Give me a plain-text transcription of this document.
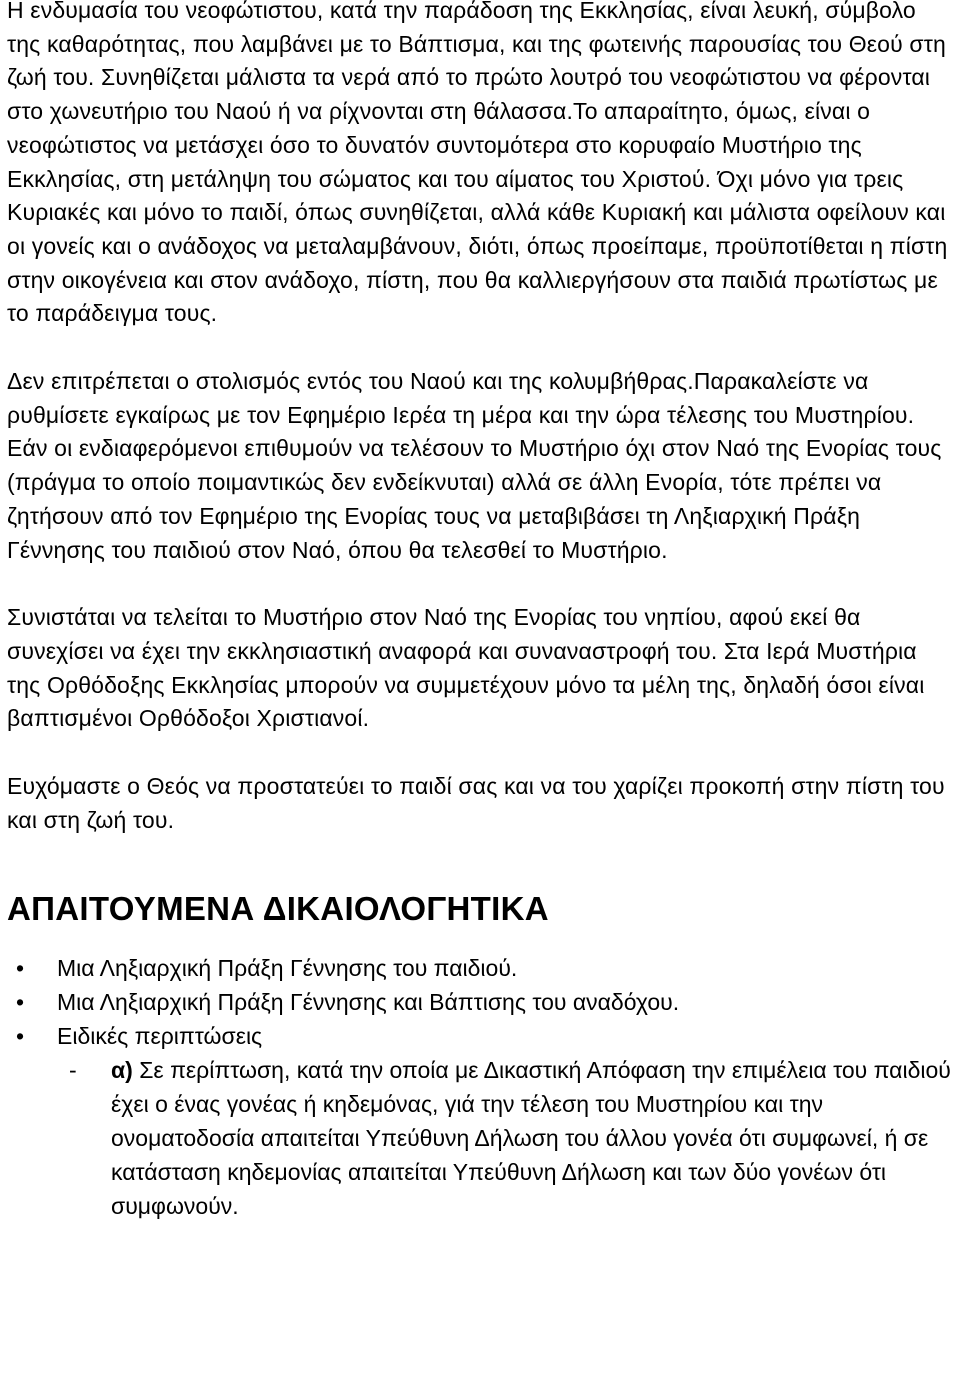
Η ενδυμασία του νεοφώτιστου, κατά την παράδοση της Εκκλησίας, είναι λευκή, σύμβολο της καθαρότητας, που λαμβάνει με το Βάπτισμα, και της φωτεινής παρουσίας του Θεού στη ζωή του. Συνηθίζεται μάλιστα τα νερά από το πρώτο λουτρό του νεοφώτιστου να φέρονται στο χωνευτήριο του Ναού ή να ρίχνονται στη θάλασσα.Το απαραίτητο, όμως, είναι ο νεοφώτιστος να μετάσχει όσο το δυνατόν συντομότερα στο κορυφαίο Μυστήριο της Εκκλησίας, στη μετάληψη του σώματος και του αίματος του Χριστού. Όχι μόνο για τρεις Κυριακές και μόνο το παιδί, όπως συνηθίζεται, αλλά κάθε Κυριακή και μάλιστα οφείλουν και οι γονείς και ο ανάδοχος να μεταλαμβάνουν, διότι, όπως προείπαμε, προϋποτίθεται η πίστη στην οικογένεια και στον ανάδοχο, πίστη, που θα καλλιεργήσουν στα παιδιά πρωτίστως με το παράδειγμα τους.

Δεν επιτρέπεται ο στολισμός εντός του Ναού και της κολυμβήθρας.Παρακαλείστε να ρυθμίσετε εγκαίρως με τον Εφημέριο Ιερέα τη μέρα και την ώρα τέλεσης του Μυστηρίου. Εάν οι ενδιαφερόμενοι επιθυμούν να τελέσουν το Μυστήριο όχι στον Ναό της Ενορίας τους (πράγμα το οποίο ποιμαντικώς δεν ενδείκνυται) αλλά σε άλλη Ενορία, τότε πρέπει να ζητήσουν από τον Εφημέριο της Ενορίας τους να μεταβιβάσει τη Ληξιαρχική Πράξη Γέννησης του παιδιού στον Ναό, όπου θα τελεσθεί το Μυστήριο.

Συνιστάται να τελείται το Μυστήριο στον Ναό της Ενορίας του νηπίου, αφού εκεί θα συνεχίσει να έχει την εκκλησιαστική αναφορά και συναναστροφή του. Στα Ιερά Μυστήρια της Ορθόδοξης Εκκλησίας μπορούν να συμμετέχουν μόνο τα μέλη της, δηλαδή όσοι είναι βαπτισμένοι Ορθόδοξοι Χριστιανοί.

Ευχόμαστε ο Θεός να προστατεύει το παιδί σας και να του χαρίζει προκοπή στην πίστη του και στη ζωή του.

ΑΠΑΙΤΟΥΜΕΝΑ ΔΙΚΑΙΟΛΟΓΗΤΙΚΑ
• Μια Ληξιαρχική Πράξη Γέννησης του παιδιού.
• Μια Ληξιαρχική Πράξη Γέννησης και Βάπτισης του αναδόχου.
• Ειδικές περιπτώσεις
- α) Σε περίπτωση, κατά την οποία με Δικαστική Απόφαση την επιμέλεια του παιδιού έχει ο ένας γονέας ή κηδεμόνας, γιά την τέλεση του Μυστηρίου και την ονοματοδοσία απαιτείται Υπεύθυνη Δήλωση του άλλου γονέα ότι συμφωνεί, ή σε κατάσταση κηδεμονίας απαιτείται Υπεύθυνη Δήλωση και των δύο γονέων ότι συμφωνούν.
